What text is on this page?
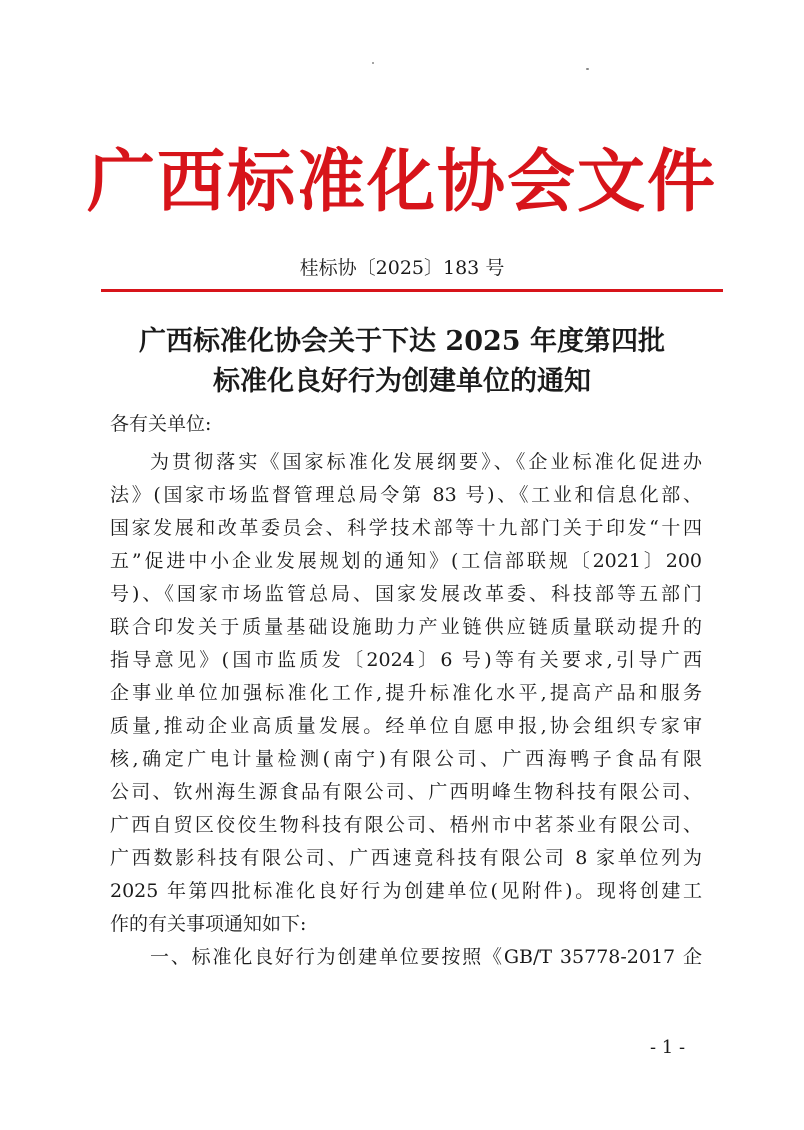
广西标准化协会文件
桂标协〔2025〕183 号
广西标准化协会关于下达 2025 年度第四批
标准化良好行为创建单位的通知
各有关单位:
为贯彻落实《国家标准化发展纲要》、《企业标准化促进办
法》(国家市场监督管理总局令第 83 号)、《工业和信息化部、
国家发展和改革委员会、科学技术部等十九部门关于印发“十四
五”促进中小企业发展规划的通知》(工信部联规〔2021〕200
号)、《国家市场监管总局、国家发展改革委、科技部等五部门
联合印发关于质量基础设施助力产业链供应链质量联动提升的
指导意见》(国市监质发〔2024〕6 号)等有关要求,引导广西
企事业单位加强标准化工作,提升标准化水平,提高产品和服务
质量,推动企业高质量发展。经单位自愿申报,协会组织专家审
核,确定广电计量检测(南宁)有限公司、广西海鸭子食品有限
公司、钦州海生源食品有限公司、广西明峰生物科技有限公司、
广西自贸区佼佼生物科技有限公司、梧州市中茗茶业有限公司、
广西数影科技有限公司、广西速竟科技有限公司 8 家单位列为
2025 年第四批标准化良好行为创建单位(见附件)。现将创建工
作的有关事项通知如下:
一、标准化良好行为创建单位要按照《GB/T 35778-2017 企
- 1 -
